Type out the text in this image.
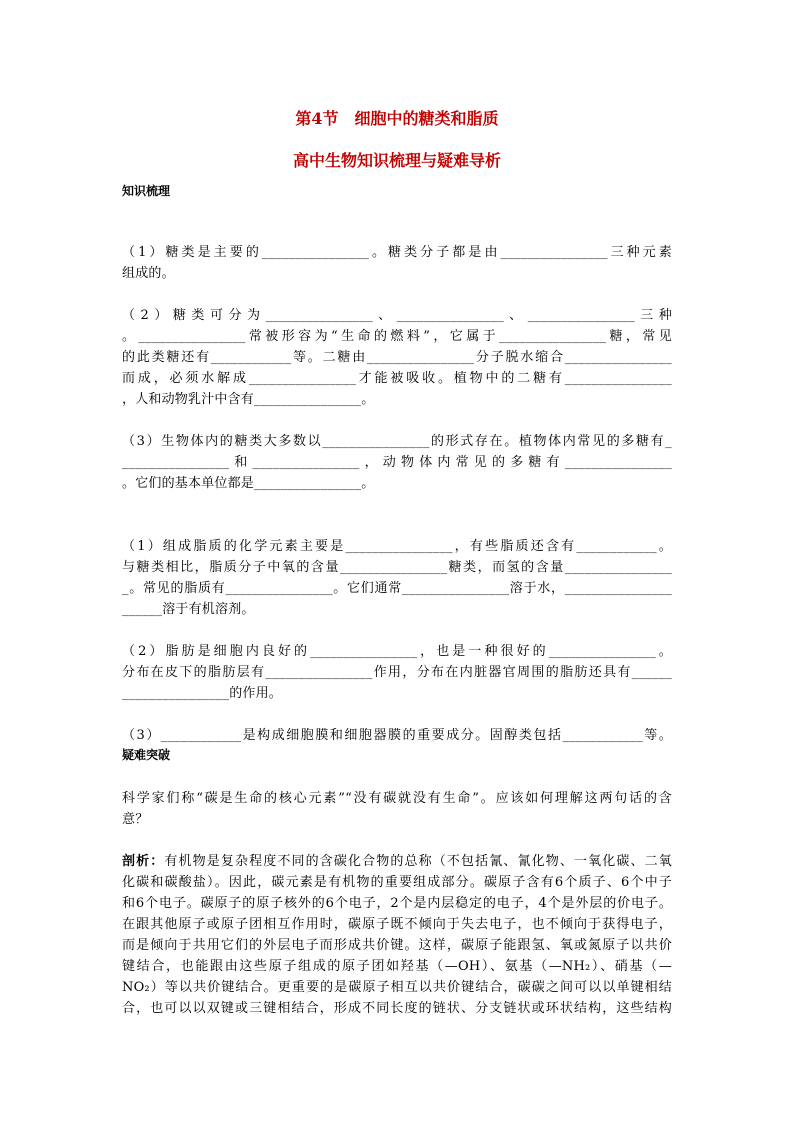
第4节　细胞中的糖类和脂质
高中生物知识梳理与疑难导析
知识梳理
（1）糖类是主要的________________。糖类分子都是由________________三种元素
组成的。
（2）糖类可分为________________、________________、________________三种
。________________常被形容为“生命的燃料”，它属于________________糖，常见
的此类糖还有____________等。二糖由________________分子脱水缩合________________
而成，必须水解成________________才能被吸收。植物中的二糖有________________
，人和动物乳汁中含有________________。
（3）生物体内的糖类大多数以________________的形式存在。植物体内常见的多糖有_
________________和________________，动物体内常见的多糖有________________
。它们的基本单位都是________________。
（1）组成脂质的化学元素主要是________________，有些脂质还含有____________。
与糖类相比，脂质分子中氧的含量________________糖类，而氢的含量________________
_。常见的脂质有________________。它们通常________________溶于水，________________
______溶于有机溶剂。
（2）脂肪是细胞内良好的________________，也是一种很好的________________。
分布在皮下的脂肪层有________________作用，分布在内脏器官周围的脂肪还具有______
________________的作用。
（3）____________是构成细胞膜和细胞器膜的重要成分。固醇类包括____________等。
疑难突破
科学家们称“碳是生命的核心元素”“没有碳就没有生命”。应该如何理解这两句话的含
意？
剖析：有机物是复杂程度不同的含碳化合物的总称（不包括氰、氰化物、一氧化碳、二氧
化碳和碳酸盐）。因此，碳元素是有机物的重要组成部分。碳原子含有6个质子、6个中子
和6个电子。碳原子的原子核外的6个电子，2个是内层稳定的电子，4个是外层的价电子。
在跟其他原子或原子团相互作用时，碳原子既不倾向于失去电子，也不倾向于获得电子，
而是倾向于共用它们的外层电子而形成共价键。这样，碳原子能跟氢、氧或氮原子以共价
键结合，也能跟由这些原子组成的原子团如羟基（—OH）、氨基（—NH₂）、硝基（—
NO₂）等以共价键结合。更重要的是碳原子相互以共价键结合，碳碳之间可以以单键相结
合，也可以以双键或三键相结合，形成不同长度的链状、分支链状或环状结构，这些结构
